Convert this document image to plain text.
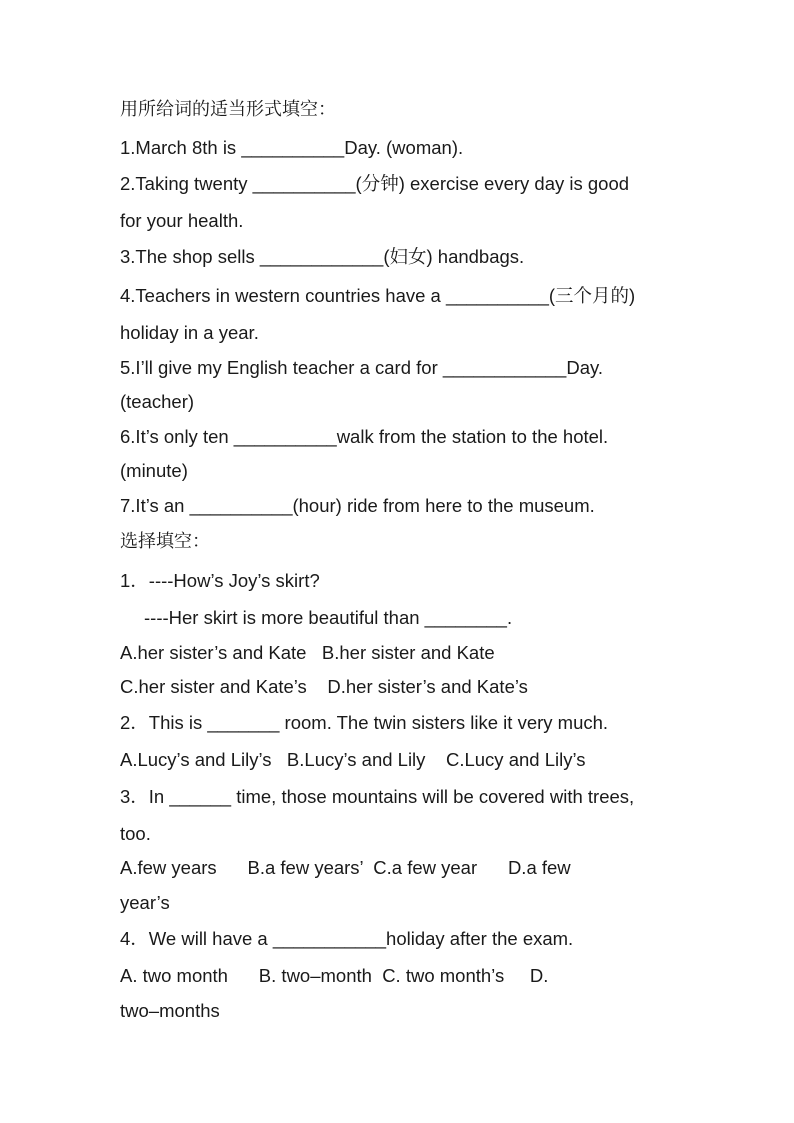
用所给词的适当形式填空：
1.March 8th is __________Day. (woman).
2.Taking twenty __________(分钟) exercise every day is good
for your health.
3.The shop sells ____________(妇女) handbags.
4.Teachers in western countries have a __________(三个月的)
holiday in a year.
5.I’ll give my English teacher a card for ____________Day.
(teacher)
6.It’s only ten __________walk from the station to the hotel.
(minute)
7.It’s an __________(hour) ride from here to the museum.
选择填空：
1．----How’s Joy’s skirt?
----Her skirt is more beautiful than ________.
A.her sister’s and Kate   B.her sister and Kate
C.her sister and Kate’s    D.her sister’s and Kate’s
2．This is _______ room. The twin sisters like it very much.
A.Lucy’s and Lily’s   B.Lucy’s and Lily    C.Lucy and Lily’s
3．In ______ time, those mountains will be covered with trees,
too.
A.few years      B.a few years’  C.a few year      D.a few
year’s
4．We will have a ___________holiday after the exam.
A. two month      B. two–month  C. two month’s     D.
two–months
